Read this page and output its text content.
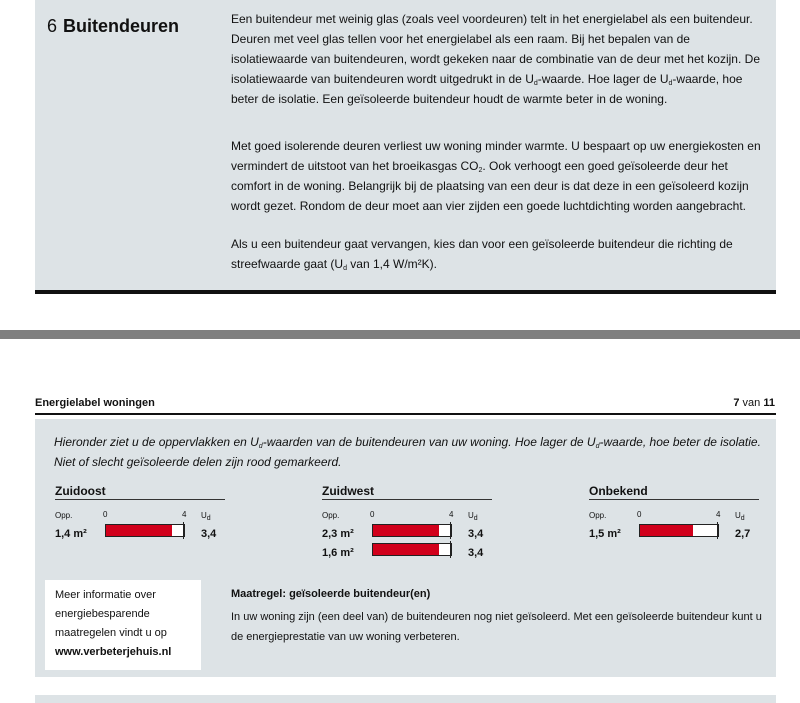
6 Buitendeuren	Een buitendeur met weinig glas (zoals veel voordeuren) telt in het energielabel als een buitendeur. Deuren met veel glas tellen voor het energielabel als een raam. Bij het bepalen van de isolatiewaarde van buitendeuren, wordt gekeken naar de combinatie van de deur met het kozijn. De isolatiewaarde van buitendeuren wordt uitgedrukt in de $U_d$-waarde. Hoe lager de $U_d$-waarde, hoe beter de isolatie. Een geïsoleerde buitendeur houdt de warmte beter in de woning.

Met goed isolerende deuren verliest uw woning minder warmte. U bespaart op uw energiekosten en vermindert de uitstoot van het broeikasgas $CO_2$. Ook verhoogt een goed geïsoleerde deur het comfort in de woning. Belangrijk bij de plaatsing van een deur is dat deze in een geïsoleerd kozijn wordt gezet. Rondom de deur moet aan vier zijden een goede luchtdichting worden aangebracht.

Als u een buitendeur gaat vervangen, kies dan voor een geïsoleerde buitendeur die richting de streefwaarde gaat ($U_d$ van 1,4 W/m²K).

Energielabel woningen	7 van 11

Hieronder ziet u de oppervlakken en $U_d$-waarden van de buitendeuren van uw woning. Hoe lager de $U_d$-waarde, hoe beter de isolatie.

Niet of slecht geïsoleerde delen zijn rood gemarkeerd.

Zuidoost
Opp.	0	4 $U_d$
1,4 m²	3,4
Zuidwest
Opp.	0	4 $U_d$
2,3 m²	3,4
1,6 m²	3,4
Onbekend
Opp.	0	4 $U_d$
1,5 m²	2,7

Meer informatie over

energiebesparende

maatregelen vindt u op

www.verbeterjehuis.nl

Maatregel: geïsoleerde buitendeur(en)
In uw woning zijn (een deel van) de buitendeuren nog niet geïsoleerd. Met een geïsoleerde buitendeur kunt u de energieprestatie van uw woning verbeteren.
